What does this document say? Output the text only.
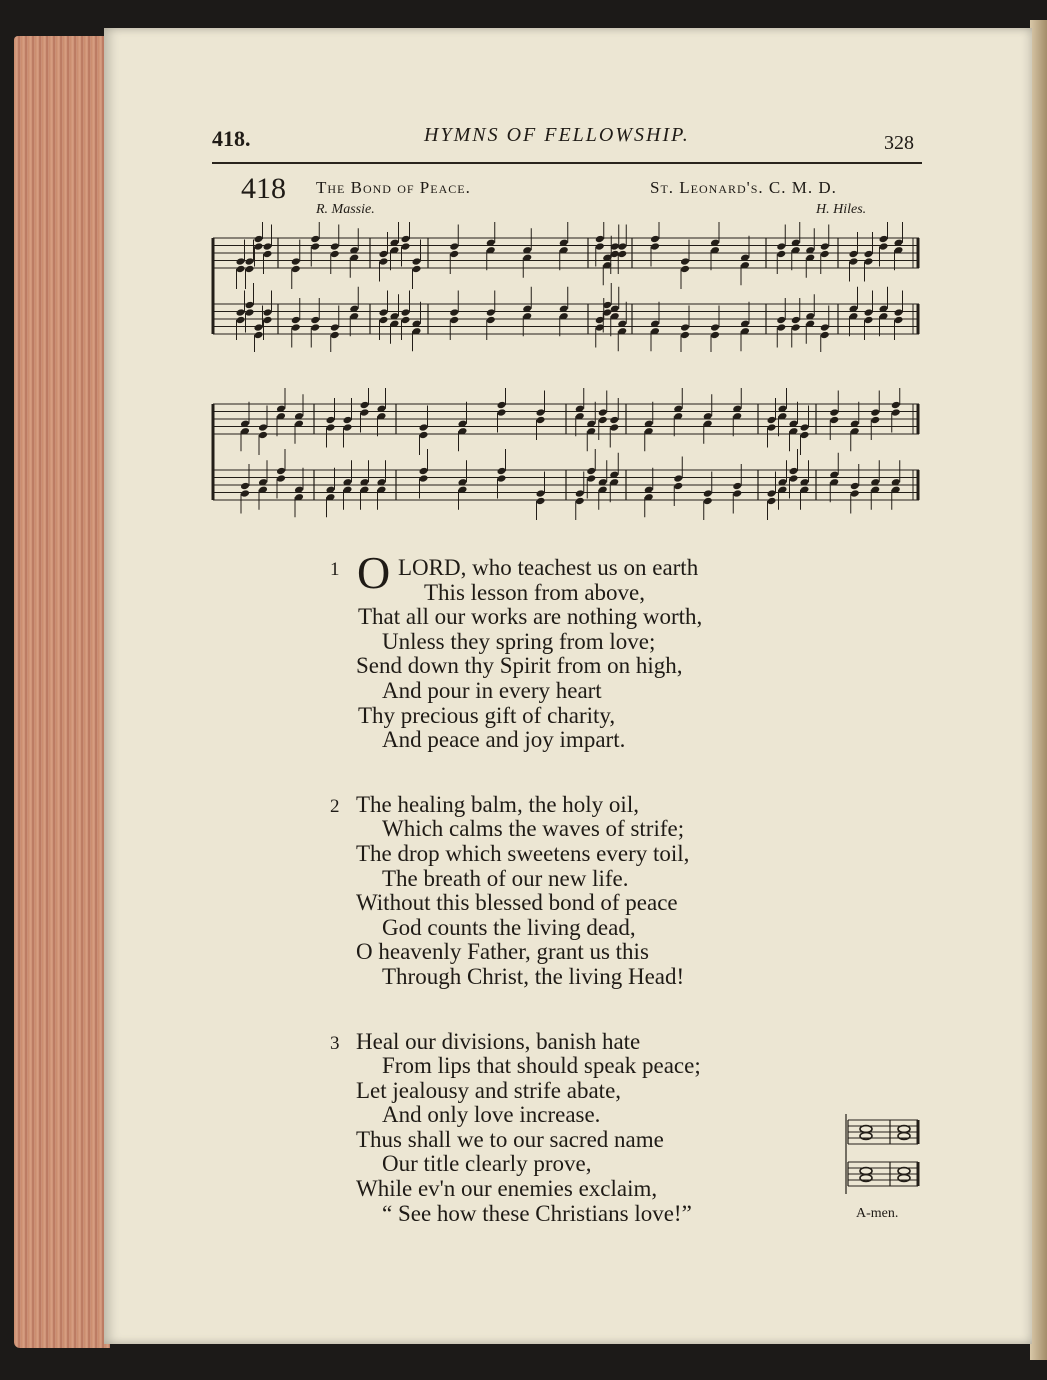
418.	HYMNS OF FELLOWSHIP.	328
418 The Bond of Peace.
R. Massie.
St. Leonard's. C. M. D.
H. Hiles.
1 O LORD, who teachest us on earth
This lesson from above,
That all our works are nothing worth,
Unless they spring from love;
Send down thy Spirit from on high,
And pour in every heart
Thy precious gift of charity,
And peace and joy impart.
2 The healing balm, the holy oil,
Which calms the waves of strife;
The drop which sweetens every toil,
The breath of our new life.
Without this blessed bond of peace
God counts the living dead,
O heavenly Father, grant us this
Through Christ, the living Head!
3 Heal our divisions, banish hate
From lips that should speak peace;
Let jealousy and strife abate,
And only love increase.
Thus shall we to our sacred name
Our title clearly prove,
While ev'n our enemies exclaim,
“ See how these Christians love!”	A-men.
